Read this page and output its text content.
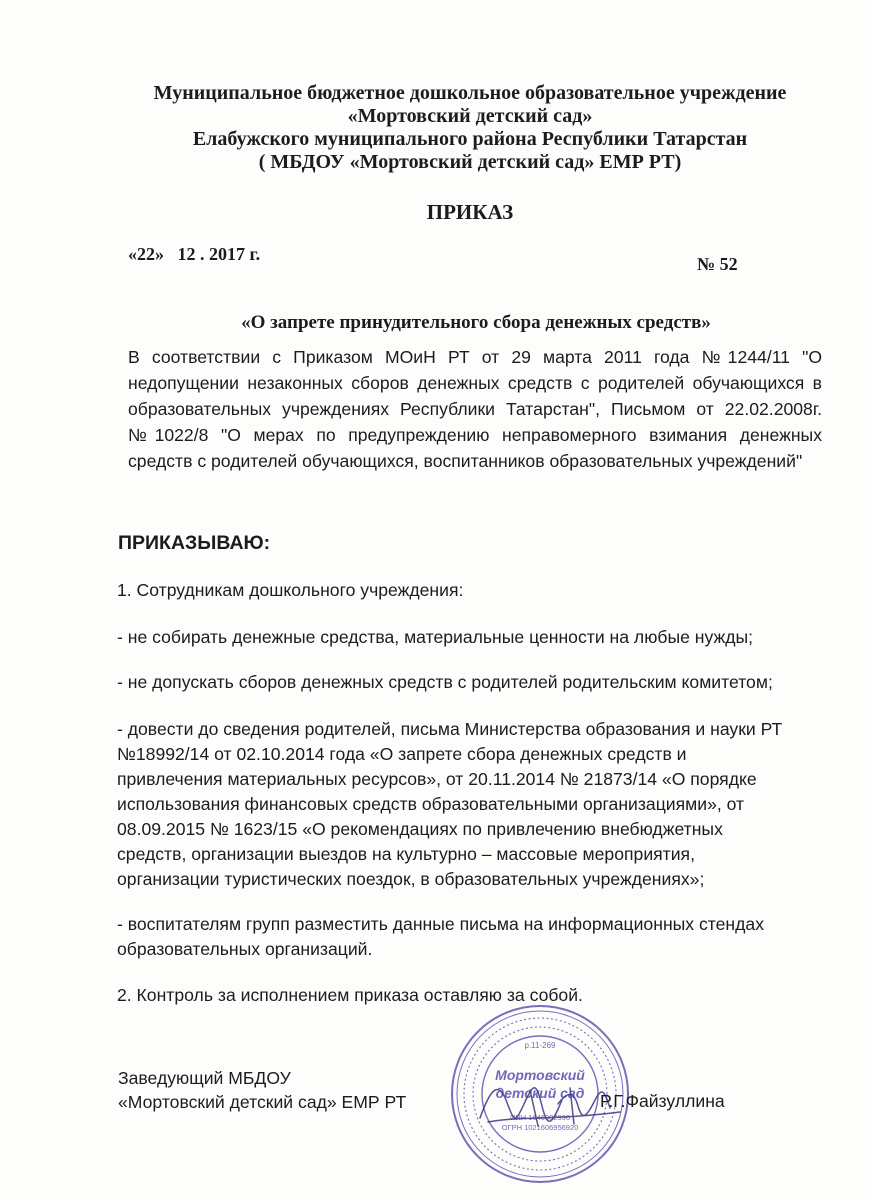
Муниципальное бюджетное дошкольное образовательное учреждение
«Мортовский детский сад»
Елабужского муниципального района Республики Татарстан
( МБДОУ «Мортовский детский сад» ЕМР РТ)
ПРИКАЗ
«22»   12 . 2017 г.	№ 52
«О запрете принудительного сбора денежных средств»
В соответствии с Приказом МОиН РТ от 29 марта 2011 года №1244/11 "О недопущении незаконных сборов денежных средств с родителей обучающихся в образовательных учреждениях Республики Татарстан", Письмом от 22.02.2008г. №1022/8 "О мерах по предупреждению неправомерного взимания денежных средств с родителей обучающихся, воспитанников образовательных учреждений"
ПРИКАЗЫВАЮ:
1. Сотрудникам дошкольного учреждения:
- не собирать денежные средства, материальные ценности на любые нужды;
- не допускать сборов денежных средств с родителей родительским комитетом;
- довести до сведения родителей, письма Министерства образования и науки РТ
№18992/14 от 02.10.2014 года «О запрете сбора денежных средств и
привлечения материальных ресурсов», от 20.11.2014 № 21873/14 «О порядке
использования финансовых средств образовательными организациями», от
08.09.2015 № 1623/15 «О рекомендациях по привлечению внебюджетных
средств, организации выездов на культурно – массовые мероприятия,
организации туристических поездок, в образовательных учреждениях»;
- воспитателям групп разместить данные письма на информационных стендах
образовательных организаций.
2. Контроль за исполнением приказа оставляю за собой.
р.11-269
Мортовский
детский сад
ИНН 1646002936
ОГРН 1021606956920
Заведующий МБДОУ
«Мортовский детский сад» ЕМР РТ	Р.Г.Файзуллина
